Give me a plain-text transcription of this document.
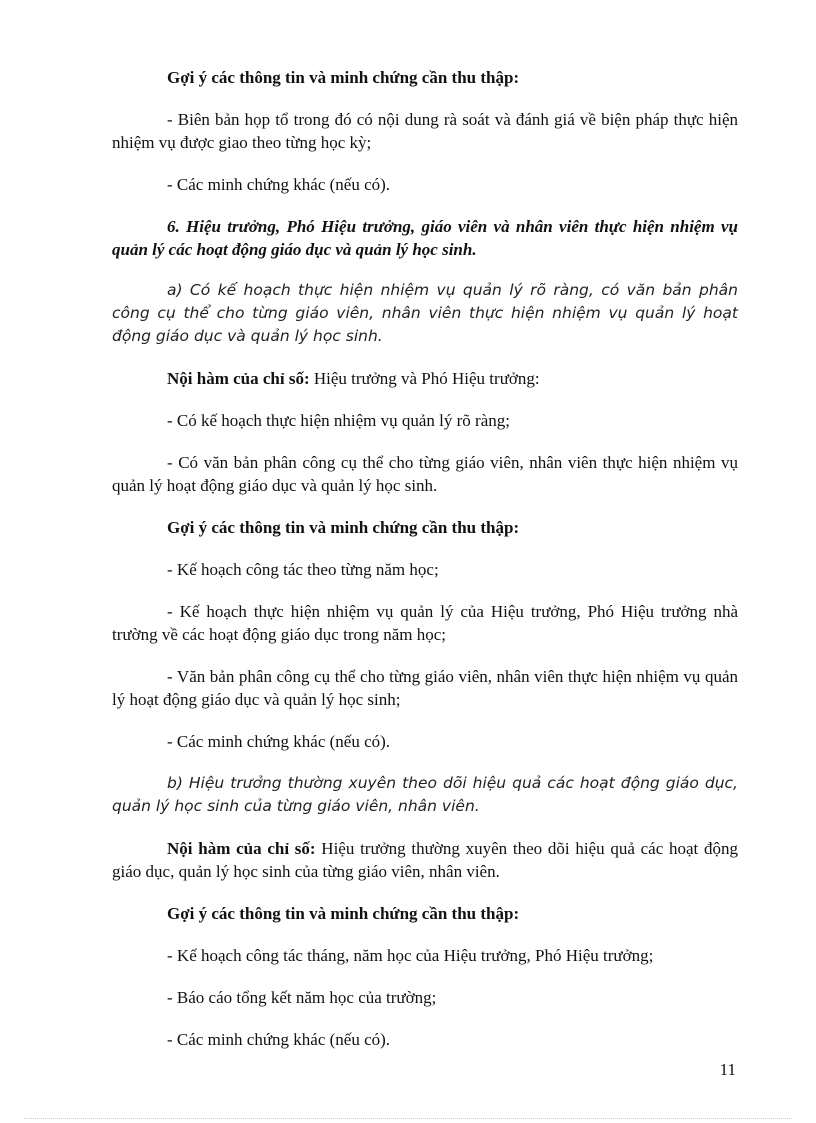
Gợi ý các thông tin và minh chứng cần thu thập:

- Biên bản họp tổ trong đó có nội dung rà soát và đánh giá về biện pháp thực hiện nhiệm vụ được giao theo từng học kỳ;

- Các minh chứng khác (nếu có).

6. Hiệu trưởng, Phó Hiệu trưởng, giáo viên và nhân viên thực hiện nhiệm vụ quản lý các hoạt động giáo dục và quản lý học sinh.

a) Có kế hoạch thực hiện nhiệm vụ quản lý rõ ràng, có văn bản phân công cụ thể cho từng giáo viên, nhân viên thực hiện nhiệm vụ quản lý hoạt động giáo dục và quản lý học sinh.

Nội hàm của chỉ số: Hiệu trưởng và Phó Hiệu trưởng:

- Có kế hoạch thực hiện nhiệm vụ quản lý rõ ràng;

- Có văn bản phân công cụ thể cho từng giáo viên, nhân viên thực hiện nhiệm vụ quản lý hoạt động giáo dục và quản lý học sinh.

Gợi ý các thông tin và minh chứng cần thu thập:

- Kế hoạch công tác theo từng năm học;

- Kế hoạch thực hiện nhiệm vụ quản lý của Hiệu trưởng, Phó Hiệu trưởng nhà trường về các hoạt động giáo dục trong năm học;

- Văn bản phân công cụ thể cho từng giáo viên, nhân viên thực hiện nhiệm vụ quản lý hoạt động giáo dục và quản lý học sinh;

- Các minh chứng khác (nếu có).

b) Hiệu trưởng thường xuyên theo dõi hiệu quả các hoạt động giáo dục, quản lý học sinh của từng giáo viên, nhân viên.

Nội hàm của chỉ số: Hiệu trưởng thường xuyên theo dõi hiệu quả các hoạt động giáo dục, quản lý học sinh của từng giáo viên, nhân viên.

Gợi ý các thông tin và minh chứng cần thu thập:

- Kế hoạch công tác tháng, năm học của Hiệu trưởng, Phó Hiệu trưởng;

- Báo cáo tổng kết năm học của trường;

- Các minh chứng khác (nếu có).

11
